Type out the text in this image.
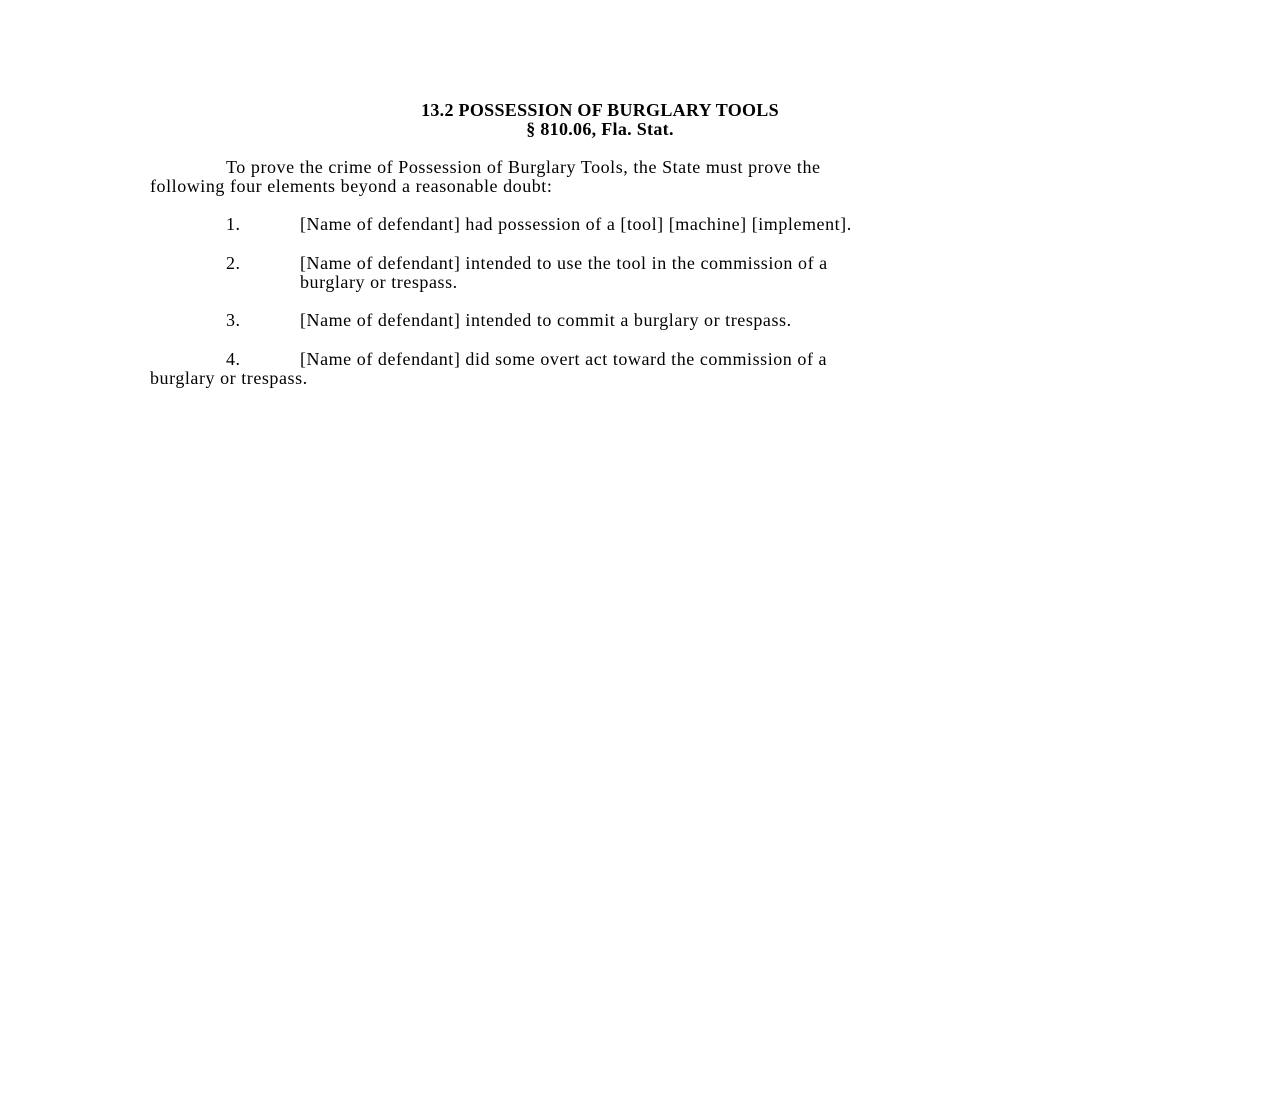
13.2 POSSESSION OF BURGLARY TOOLS
§ 810.06, Fla. Stat.
To prove the crime of Possession of Burglary Tools, the State must prove the
following four elements beyond a reasonable doubt:
1.	[Name of defendant] had possession of a [tool] [machine] [implement].
2.	[Name of defendant] intended to use the tool in the commission of a
burglary or trespass.
3.	[Name of defendant] intended to commit a burglary or trespass.
4.	[Name of defendant] did some overt act toward the commission of a
burglary or trespass.
